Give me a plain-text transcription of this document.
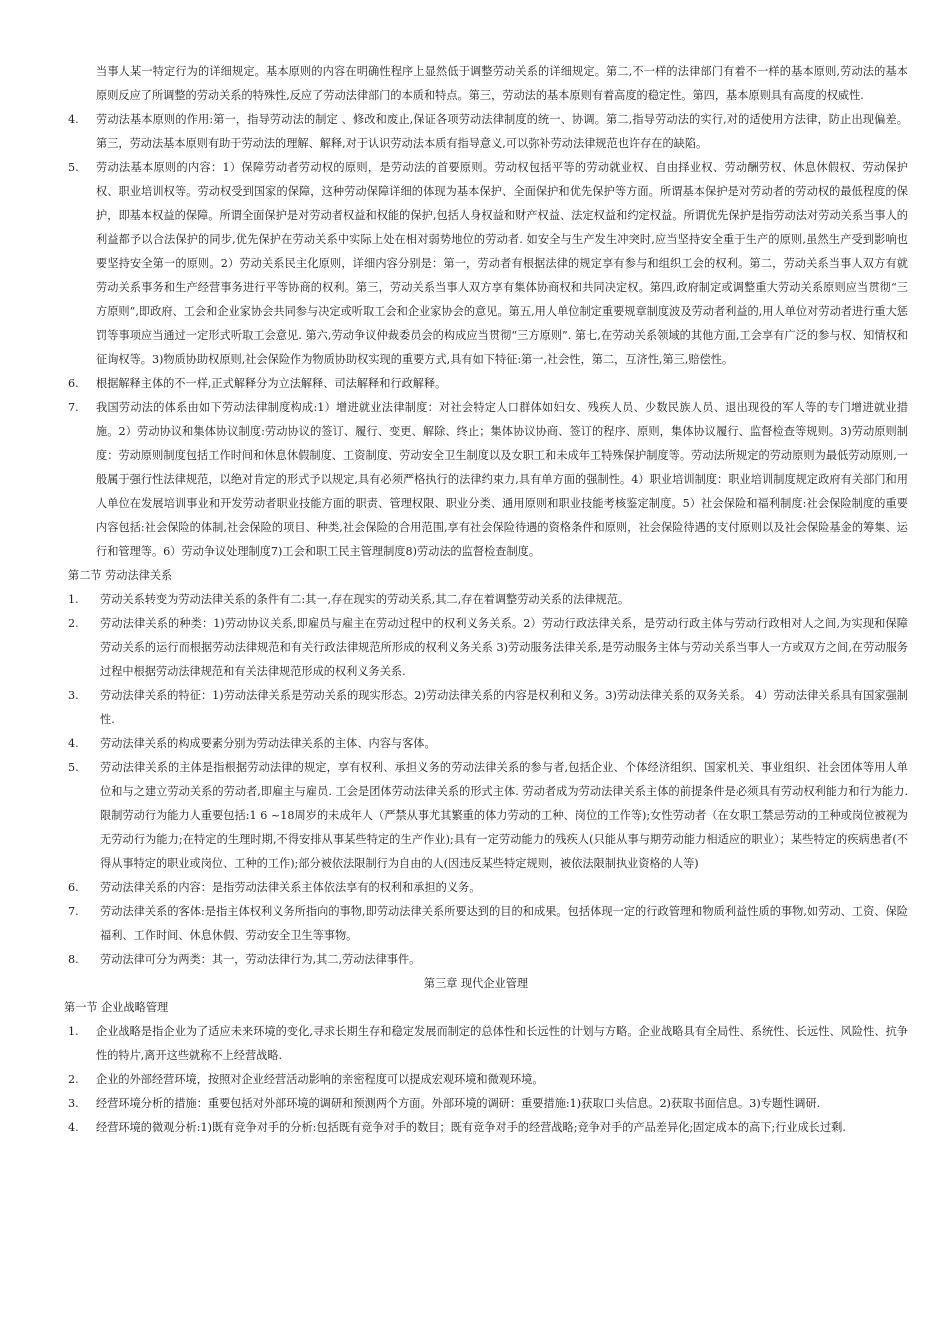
当事人某一特定行为的详细规定。基本原则的内容在明确性程序上显然低于调整劳动关系的详细规定。第二,不一样的法律部门有着不一样的基本原则,劳动法的基本原则反应了所调整的劳动关系的特殊性,反应了劳动法律部门的本质和特点。第三，劳动法的基本原则有着高度的稳定性。第四，基本原则具有高度的权威性.

4.	劳动法基本原则的作用:第一，指导劳动法的制定 、修改和废止,保证各项劳动法律制度的统一、协调。第二,指导劳动法的实行,对的适使用方法律，防止出现偏差。第三，劳动法基本原则有助于劳动法的理解、解释,对于认识劳动法本质有指导意义,可以弥补劳动法律规范也许存在的缺陷。
5.	劳动法基本原则的内容：1）保障劳动者劳动权的原则，是劳动法的首要原则。劳动权包括平等的劳动就业权、自由择业权、劳动酬劳权、休息休假权、劳动保护权、职业培训权等。劳动权受到国家的保障，这种劳动保障详细的体现为基本保护、全面保护和优先保护等方面。所谓基本保护是对劳动者的劳动权的最低程度的保护，即基本权益的保障。所谓全面保护是对劳动者权益和权能的保护,包括人身权益和财产权益、法定权益和约定权益。所谓优先保护是指劳动法对劳动关系当事人的利益都予以合法保护的同步,优先保护在劳动关系中实际上处在相对弱势地位的劳动者. 如安全与生产发生冲突时,应当坚持安全重于生产的原则,虽然生产受到影响也要坚持安全第一的原则。2）劳动关系民主化原则，详细内容分别是：第一，劳动者有根据法律的规定享有参与和组织工会的权利。第二，劳动关系当事人双方有就劳动关系事务和生产经营事务进行平等协商的权利。第三，劳动关系当事人双方享有集体协商权和共同决定权。第四,政府制定或调整重大劳动关系原则应当贯彻“三方原则”,即政府、工会和企业家协会共同参与决定或听取工会和企业家协会的意见。第五,用人单位制定重要规章制度波及劳动者利益的,用人单位对劳动者进行重大惩罚等事项应当通过一定形式听取工会意见. 第六,劳动争议仲裁委员会的构成应当贯彻“三方原则”. 第七,在劳动关系领域的其他方面,工会享有广泛的参与权、知情权和征询权等。3)物质协助权原则,社会保险作为物质协助权实现的重要方式,具有如下特征:第一,社会性，第二，互济性,第三,赔偿性。
6.	根据解释主体的不一样,正式解释分为立法解释、司法解释和行政解释。
7.	我国劳动法的体系由如下劳动法律制度构成:1）增进就业法律制度：对社会特定人口群体如妇女、残疾人员、少数民族人员、退出现役的军人等的专门增进就业措施。2）劳动协议和集体协议制度:劳动协议的签订、履行、变更、解除、终止；集体协议协商、签订的程序、原则，集体协议履行、监督检查等规则。3)劳动原则制度：劳动原则制度包括工作时间和休息休假制度、工资制度、劳动安全卫生制度以及女职工和未成年工特殊保护制度等。劳动法所规定的劳动原则为最低劳动原则,一般属于强行性法律规范，以绝对肯定的形式予以规定,具有必须严格执行的法律约束力,具有单方面的强制性。4）职业培训制度：职业培训制度规定政府有关部门和用人单位在发展培训事业和开发劳动者职业技能方面的职责、管理权限、职业分类、通用原则和职业技能考核鉴定制度。5）社会保险和福利制度:社会保险制度的重要内容包括:社会保险的体制,社会保险的项目、种类,社会保险的合用范围,享有社会保险待遇的资格条件和原则，社会保险待遇的支付原则以及社会保险基金的筹集、运行和管理等。6）劳动争议处理制度7)工会和职工民主管理制度8)劳动法的监督检查制度。

第二节 劳动法律关系

1.	劳动关系转变为劳动法律关系的条件有二:其一,存在现实的劳动关系,其二,存在着调整劳动关系的法律规范。
2.	劳动法律关系的种类：1)劳动协议关系,即雇员与雇主在劳动过程中的权利义务关系。2）劳动行政法律关系，是劳动行政主体与劳动行政相对人之间,为实现和保障劳动关系的运行而根据劳动法律规范和有关行政法律规范所形成的权利义务关系 3)劳动服务法律关系,是劳动服务主体与劳动关系当事人一方或双方之间,在劳动服务过程中根据劳动法律规范和有关法律规范形成的权利义务关系.
3.	劳动法律关系的特征：1)劳动法律关系是劳动关系的现实形态。2)劳动法律关系的内容是权利和义务。3)劳动法律关系的双务关系。 4）劳动法律关系具有国家强制性.
4.	劳动法律关系的构成要素分别为劳动法律关系的主体、内容与客体。
5.	劳动法律关系的主体是指根据劳动法律的规定，享有权利、承担义务的劳动法律关系的参与者,包括企业、个体经济组织、国家机关、事业组织、社会团体等用人单位和与之建立劳动关系的劳动者,即雇主与雇员. 工会是团体劳动法律关系的形式主体. 劳动者成为劳动法律关系主体的前提条件是必须具有劳动权利能力和行为能力.限制劳动行为能力人重要包括:1 6 ~18周岁的未成年人（严禁从事尤其繁重的体力劳动的工种、岗位的工作等);女性劳动者（在女职工禁忌劳动的工种或岗位被视为无劳动行为能力;在特定的生理时期,不得安排从事某些特定的生产作业);具有一定劳动能力的残疾人(只能从事与期劳动能力相适应的职业）；某些特定的疾病患者(不得从事特定的职业或岗位、工种的工作);部分被依法限制行为自由的人(因违反某些特定规则，被依法限制执业资格的人等)
6.	劳动法律关系的内容：是指劳动法律关系主体依法享有的权利和承担的义务。
7.	劳动法律关系的客体:是指主体权利义务所指向的事物,即劳动法律关系所要达到的目的和成果。包括体现一定的行政管理和物质利益性质的事物,如劳动、工资、保险福利、工作时间、休息休假、劳动安全卫生等事物。
8.	劳动法律可分为两类：其一，劳动法律行为,其二,劳动法律事件。

第三章 现代企业管理

第一节 企业战略管理

1.	企业战略是指企业为了适应未来环境的变化,寻求长期生存和稳定发展而制定的总体性和长远性的计划与方略。企业战略具有全局性、系统性、长远性、风险性、抗争性的特片,离开这些就称不上经营战略.
2.	企业的外部经营环境，按照对企业经营活动影响的亲密程度可以提成宏观环境和微观环境。
3.	经营环境分析的措施：重要包括对外部环境的调研和预测两个方面。外部环境的调研：重要措施:1)获取口头信息。2)获取书面信息。3)专题性调研.
4.	经营环境的微观分析:1)既有竞争对手的分析:包括既有竞争对手的数目；既有竞争对手的经营战略;竞争对手的产品差异化;固定成本的高下;行业成长过剩.
